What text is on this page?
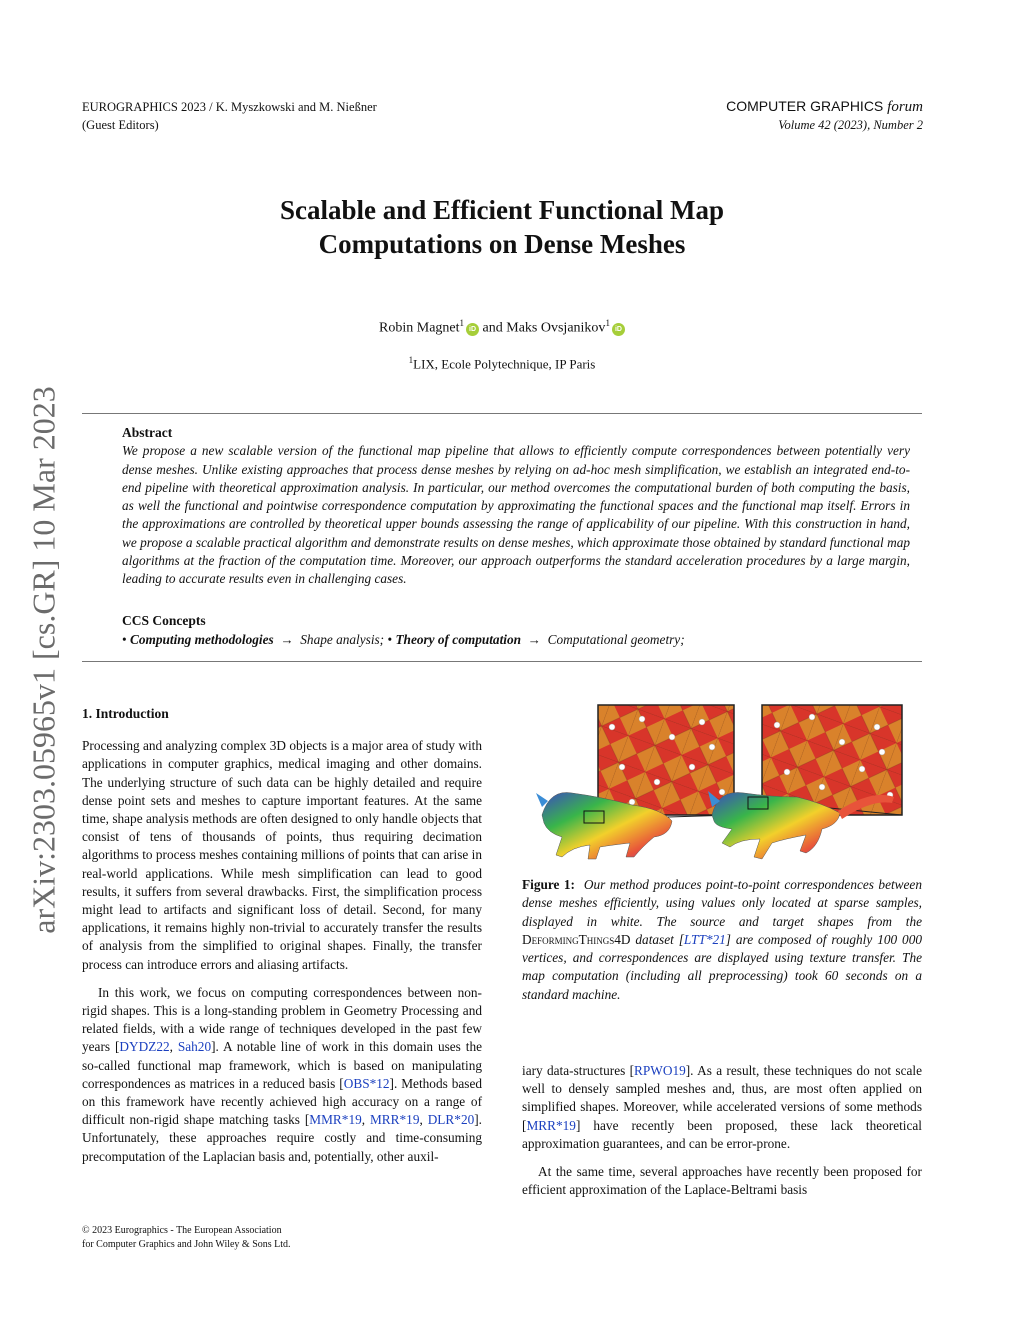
EUROGRAPHICS 2023 / K. Myszkowski and M. Nießner
(Guest Editors)
COMPUTER GRAPHICS forum
Volume 42 (2023), Number 2
arXiv:2303.05965v1 [cs.GR] 10 Mar 2023
Scalable and Efficient Functional Map
Computations on Dense Meshes
Robin Magnet$^1$iD and Maks Ovsjanikov$^1$iD
$^1$LIX, Ecole Polytechnique, IP Paris
Abstract

We propose a new scalable version of the functional map pipeline that allows to efficiently compute correspondences between potentially very dense meshes. Unlike existing approaches that process dense meshes by relying on ad-hoc mesh simplification, we establish an integrated end-to-end pipeline with theoretical approximation analysis. In particular, our method overcomes the computational burden of both computing the basis, as well the functional and pointwise correspondence computation by approximating the functional spaces and the functional map itself. Errors in the approximations are controlled by theoretical upper bounds assessing the range of applicability of our pipeline. With this construction in hand, we propose a scalable practical algorithm and demonstrate results on dense meshes, which approximate those obtained by standard functional map algorithms at the fraction of the computation time. Moreover, our approach outperforms the standard acceleration procedures by a large margin, leading to accurate results even in challenging cases.

CCS Concepts
• Computing methodologies  →  Shape analysis; • Theory of computation  →  Computational geometry;
1. Introduction

Processing and analyzing complex 3D objects is a major area of study with applications in computer graphics, medical imaging and other domains. The underlying structure of such data can be highly detailed and require dense point sets and meshes to capture important features. At the same time, shape analysis methods are often designed to only handle objects that consist of tens of thousands of points, thus requiring decimation algorithms to process meshes containing millions of points that can arise in real-world applications. While mesh simplification can lead to good results, it suffers from several drawbacks. First, the simplification process might lead to artifacts and significant loss of detail. Second, for many applications, it remains highly non-trivial to accurately transfer the results of analysis from the simplified to original shapes. Finally, the transfer process can introduce errors and aliasing artifacts.

In this work, we focus on computing correspondences between non-rigid shapes. This is a long-standing problem in Geometry Processing and related fields, with a wide range of techniques developed in the past few years [DYDZ22, Sah20]. A notable line of work in this domain uses the so-called functional map framework, which is based on manipulating correspondences as matrices in a reduced basis [OBS*12]. Methods based on this framework have recently achieved high accuracy on a range of difficult non-rigid shape matching tasks [MMR*19, MRR*19, DLR*20]. Unfortunately, these approaches require costly and time-consuming precomputation of the Laplacian basis and, potentially, other auxil-

Figure 1: Our method produces point-to-point correspondences between dense meshes efficiently, using values only located at sparse samples, displayed in white. The source and target shapes from the DeformingThings4D dataset [LTT*21] are composed of roughly 100 000 vertices, and correspondences are displayed using texture transfer. The map computation (including all preprocessing) took 60 seconds on a standard machine.

iary data-structures [RPWO19]. As a result, these techniques do not scale well to densely sampled meshes and, thus, are most often applied on simplified shapes. Moreover, while accelerated versions of some methods [MRR*19] have recently been proposed, these lack theoretical approximation guarantees, and can be error-prone.

At the same time, several approaches have recently been proposed for efficient approximation of the Laplace-Beltrami basis

© 2023 Eurographics - The European Association
for Computer Graphics and John Wiley & Sons Ltd.
